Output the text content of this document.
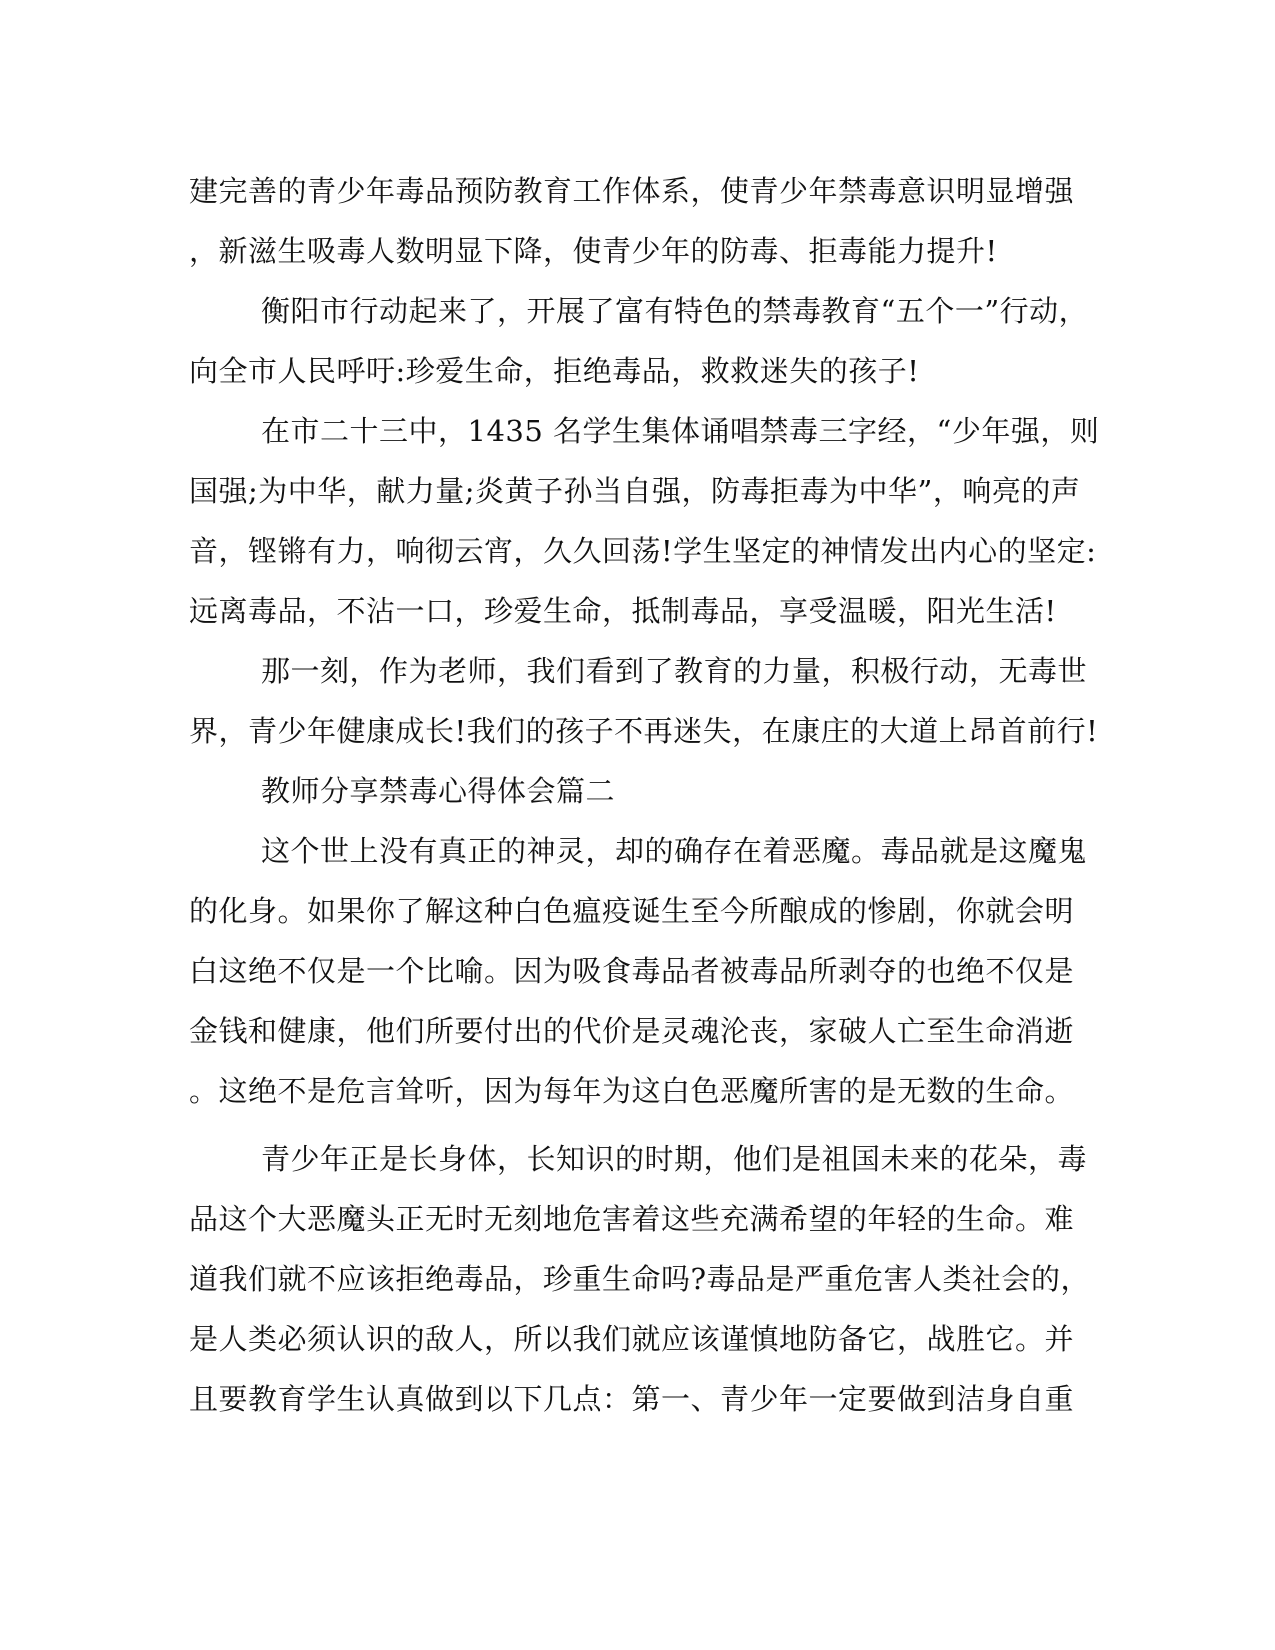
建完善的青少年毒品预防教育工作体系，使青少年禁毒意识明显增强
，新滋生吸毒人数明显下降，使青少年的防毒、拒毒能力提升!
衡阳市行动起来了，开展了富有特色的禁毒教育“五个一”行动，
向全市人民呼吁:珍爱生命，拒绝毒品，救救迷失的孩子!
在市二十三中，1435 名学生集体诵唱禁毒三字经，“少年强，则
国强;为中华，献力量;炎黄子孙当自强，防毒拒毒为中华”，响亮的声
音，铿锵有力，响彻云宵，久久回荡!学生坚定的神情发出内心的坚定:
远离毒品，不沾一口，珍爱生命，抵制毒品，享受温暖，阳光生活!
那一刻，作为老师，我们看到了教育的力量，积极行动，无毒世
界，青少年健康成长!我们的孩子不再迷失，在康庄的大道上昂首前行!
教师分享禁毒心得体会篇二
这个世上没有真正的神灵，却的确存在着恶魔。毒品就是这魔鬼
的化身。如果你了解这种白色瘟疫诞生至今所酿成的惨剧，你就会明
白这绝不仅是一个比喻。因为吸食毒品者被毒品所剥夺的也绝不仅是
金钱和健康，他们所要付出的代价是灵魂沦丧，家破人亡至生命消逝
。这绝不是危言耸听，因为每年为这白色恶魔所害的是无数的生命。
青少年正是长身体，长知识的时期，他们是祖国未来的花朵，毒
品这个大恶魔头正无时无刻地危害着这些充满希望的年轻的生命。难
道我们就不应该拒绝毒品，珍重生命吗?毒品是严重危害人类社会的，
是人类必须认识的敌人，所以我们就应该谨慎地防备它，战胜它。并
且要教育学生认真做到以下几点：第一、青少年一定要做到洁身自重
